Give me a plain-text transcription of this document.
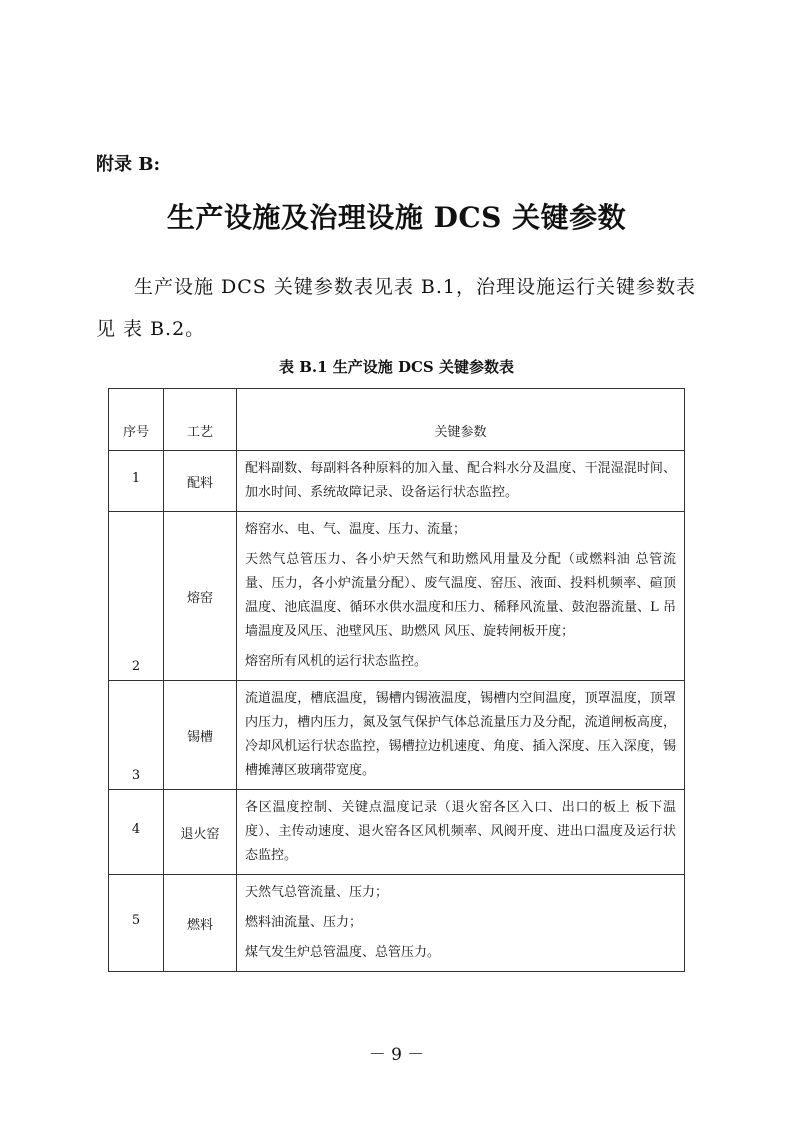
附录 B:
生产设施及治理设施 DCS 关键参数
生产设施 DCS 关键参数表见表 B.1，治理设施运行关键参数表见 表 B.2。
表 B.1 生产设施 DCS 关键参数表
序号	工艺	关键参数
1	配料	配料副数、每副料各种原料的加入量、配合料水分及温度、干混湿混时间、加水时间、系统故障记录、设备运行状态监控。

2	熔窑	熔窑水、电、气、温度、压力、流量；

天然气总管压力、各小炉天然气和助燃风用量及分配（或燃料油 总管流量、压力，各小炉流量分配）、废气温度、窑压、液面、投料机频率、碹顶温度、池底温度、循环水供水温度和压力、稀释风流量、鼓泡器流量、L 吊墙温度及风压、池壁风压、助燃风 风压、旋转闸板开度；

熔窑所有风机的运行状态监控。

3	锡槽	流道温度，槽底温度，锡槽内锡液温度，锡槽内空间温度，顶罩温度，顶罩内压力，槽内压力，氮及氢气保护气体总流量压力及分配，流道闸板高度，冷却风机运行状态监控，锡槽拉边机速度、角度、插入深度、压入深度，锡槽摊薄区玻璃带宽度。

4	退火窑	各区温度控制、关键点温度记录（退火窑各区入口、出口的板上 板下温度）、主传动速度、退火窑各区风机频率、风阀开度、进出口温度及运行状态监控。

5	燃料	天然气总管流量、压力；

燃料油流量、压力；

煤气发生炉总管温度、总管压力。

－ 9 －
